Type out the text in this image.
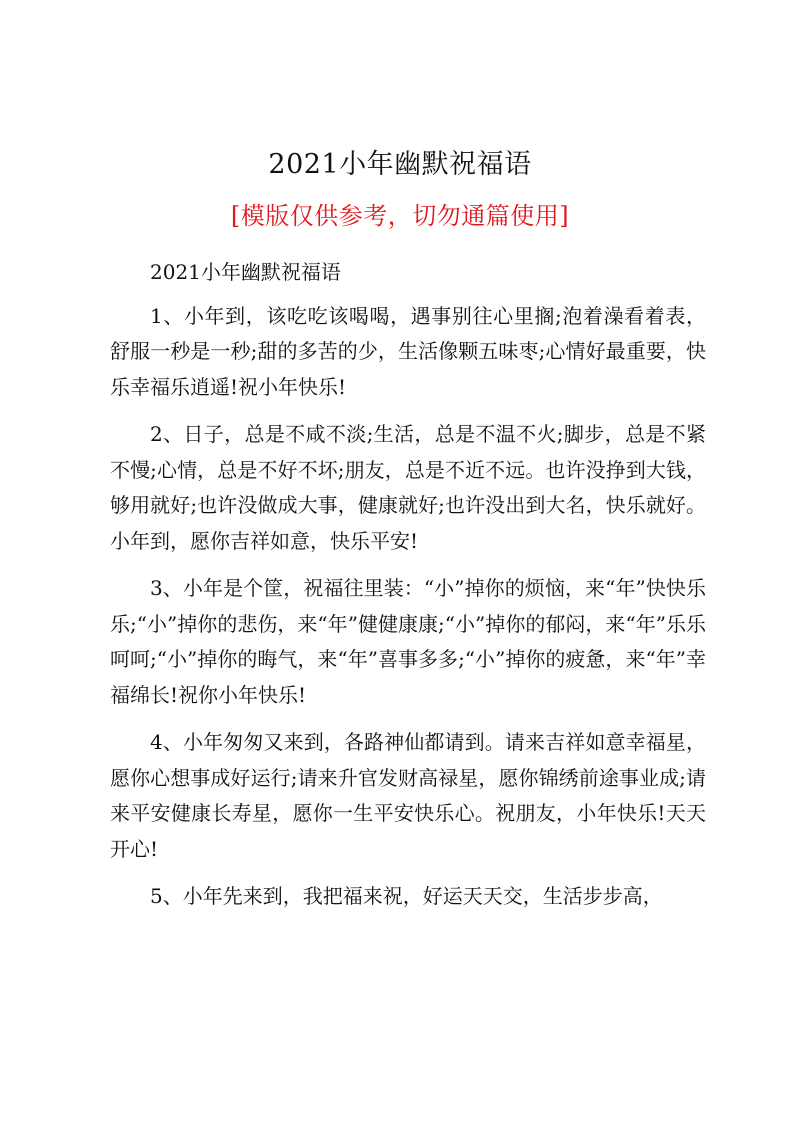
2021小年幽默祝福语
[模版仅供参考，切勿通篇使用]

2021小年幽默祝福语

1、小年到，该吃吃该喝喝，遇事别往心里搁;泡着澡看着表，舒服一秒是一秒;甜的多苦的少，生活像颗五味枣;心情好最重要，快乐幸福乐逍遥!祝小年快乐!

2、日子，总是不咸不淡;生活，总是不温不火;脚步，总是不紧不慢;心情，总是不好不坏;朋友，总是不近不远。也许没挣到大钱，够用就好;也许没做成大事，健康就好;也许没出到大名，快乐就好。小年到，愿你吉祥如意，快乐平安!

3、小年是个筐，祝福往里装：“小”掉你的烦恼，来“年”快快乐乐;“小”掉你的悲伤，来“年”健健康康;“小”掉你的郁闷，来“年”乐乐呵呵;“小”掉你的晦气，来“年”喜事多多;“小”掉你的疲惫，来“年”幸福绵长!祝你小年快乐!

4、小年匆匆又来到，各路神仙都请到。请来吉祥如意幸福星，愿你心想事成好运行;请来升官发财高禄星，愿你锦绣前途事业成;请来平安健康长寿星，愿你一生平安快乐心。祝朋友，小年快乐!天天开心!

5、小年先来到，我把福来祝，好运天天交，生活步步高，
